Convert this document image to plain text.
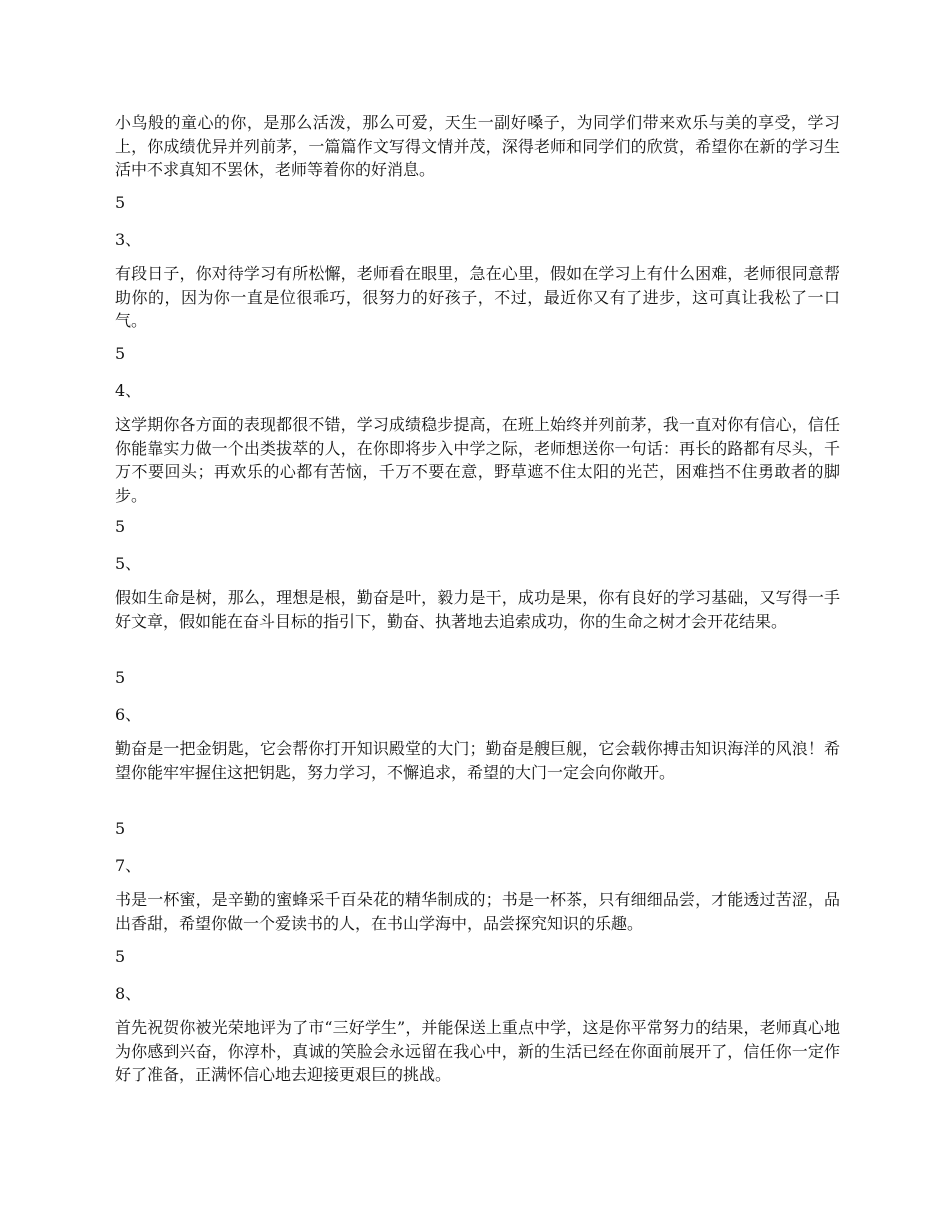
小鸟般的童心的你，是那么活泼，那么可爱，天生一副好嗓子，为同学们带来欢乐与美的享受，学习上，你成绩优异并列前茅，一篇篇作文写得文情并茂，深得老师和同学们的欣赏，希望你在新的学习生活中不求真知不罢休，老师等着你的好消息。

5

3、

有段日子，你对待学习有所松懈，老师看在眼里，急在心里，假如在学习上有什么困难，老师很同意帮助你的，因为你一直是位很乖巧，很努力的好孩子，不过，最近你又有了进步，这可真让我松了一口气。

5

4、

这学期你各方面的表现都很不错，学习成绩稳步提高，在班上始终并列前茅，我一直对你有信心，信任你能靠实力做一个出类拔萃的人，在你即将步入中学之际，老师想送你一句话：再长的路都有尽头，千万不要回头；再欢乐的心都有苦恼，千万不要在意，野草遮不住太阳的光芒，困难挡不住勇敢者的脚步。

5

5、

假如生命是树，那么，理想是根，勤奋是叶，毅力是干，成功是果，你有良好的学习基础，又写得一手好文章，假如能在奋斗目标的指引下，勤奋、执著地去追索成功，你的生命之树才会开花结果。

5

6、

勤奋是一把金钥匙，它会帮你打开知识殿堂的大门；勤奋是艘巨舰，它会载你搏击知识海洋的风浪！希望你能牢牢握住这把钥匙，努力学习，不懈追求，希望的大门一定会向你敞开。

5

7、

书是一杯蜜，是辛勤的蜜蜂采千百朵花的精华制成的；书是一杯茶，只有细细品尝，才能透过苦涩，品出香甜，希望你做一个爱读书的人，在书山学海中，品尝探究知识的乐趣。

5

8、

首先祝贺你被光荣地评为了市“三好学生”，并能保送上重点中学，这是你平常努力的结果，老师真心地为你感到兴奋，你淳朴，真诚的笑脸会永远留在我心中，新的生活已经在你面前展开了，信任你一定作好了准备，正满怀信心地去迎接更艰巨的挑战。
